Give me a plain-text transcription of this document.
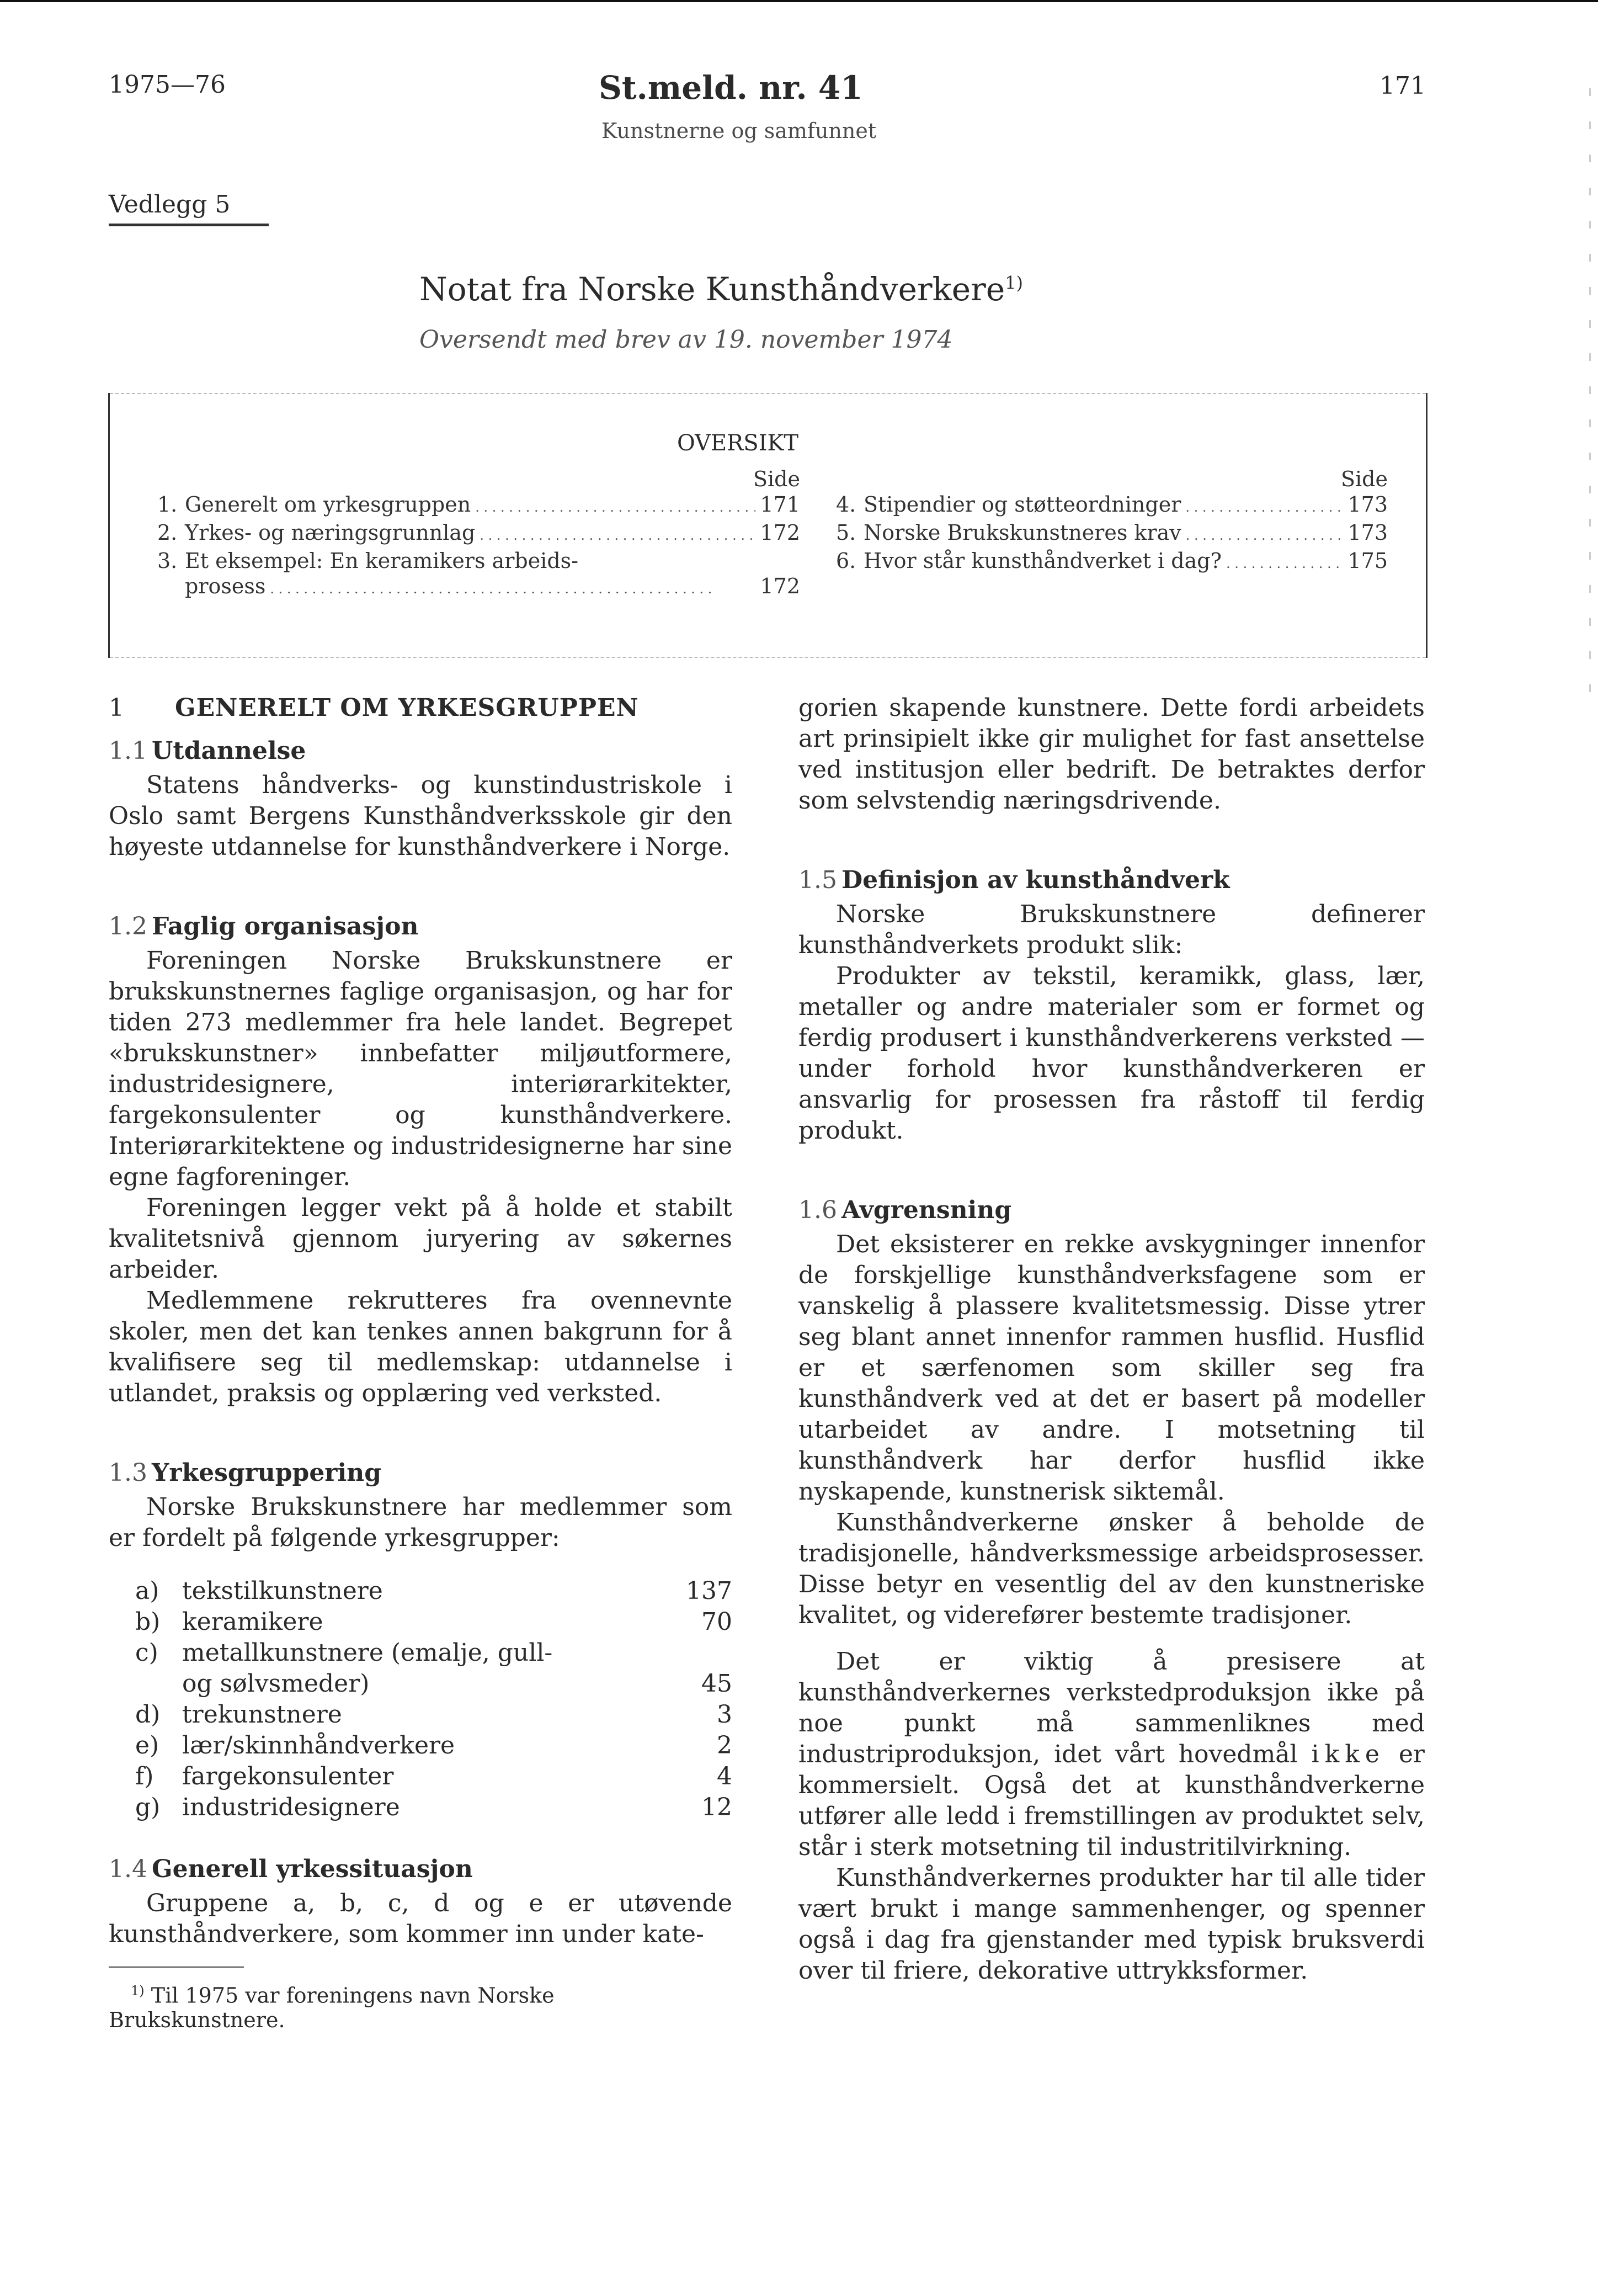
1975—76	St.meld. nr. 41
Kunstnerne og samfunnet
171
Vedlegg 5
Notat fra Norske Kunsthåndverkere$^{1)}$
Oversendt med brev av 19. november 1974
OVERSIKT
Side
1. Generelt om yrkesgruppen . . .	171
2. Yrkes- og næringsgrunnlag . . .	172
3. Et eksempel: En keramikers arbeids-
prosess . . .	172
Side
4. Stipendier og støtteordninger . . .	173
5. Norske Brukskunstneres krav . . .	173
6. Hvor står kunsthåndverket i dag? . . .	175
1	GENERELT OM YRKESGRUPPEN
1.1 Utdannelse

Statens håndverks- og kunstindustriskole i Oslo samt Bergens Kunsthåndverksskole gir den høyeste utdannelse for kunsthåndverkere i Norge.

1.2 Faglig organisasjon

Foreningen Norske Brukskunstnere er brukskunstnernes faglige organisasjon, og har for tiden 273 medlemmer fra hele landet. Begrepet «brukskunstner» innbefatter miljøutformere, industridesignere, interiørarkitekter, fargekonsulenter og kunsthåndverkere. Interiørarkitektene og industridesignerne har sine egne fagforeninger.

Foreningen legger vekt på å holde et stabilt kvalitetsnivå gjennom juryering av søkernes arbeider.

Medlemmene rekrutteres fra ovennevnte skoler, men det kan tenkes annen bakgrunn for å kvalifisere seg til medlemskap: utdannelse i utlandet, praksis og opplæring ved verksted.

1.3 Yrkesgruppering

Norske Brukskunstnere har medlemmer som er fordelt på følgende yrkesgrupper:

a) tekstilkunstnere	137
b) keramikere	70
c) metallkunstnere (emalje, gull-
og sølvsmeder)	45
d) trekunstnere	3
e) lær/skinnhåndverkere	2
f)	fargekonsulenter	4
g) industridesignere	12
1.4 Generell yrkessituasjon

Gruppene a, b, c, d og e er utøvende kunsthåndverkere, som kommer inn under kate-

$^{1)}$ Til 1975 var foreningens navn Norske Brukskunstnere.

gorien skapende kunstnere. Dette fordi arbeidets art prinsipielt ikke gir mulighet for fast ansettelse ved institusjon eller bedrift. De betraktes derfor som selvstendig næringsdrivende.

1.5 Definisjon av kunsthåndverk

Norske Brukskunstnere definerer kunsthåndverkets produkt slik:

Produkter av tekstil, keramikk, glass, lær, metaller og andre materialer som er formet og ferdig produsert i kunsthåndverkerens verksted — under forhold hvor kunsthåndverkeren er ansvarlig for prosessen fra råstoff til ferdig produkt.

1.6 Avgrensning

Det eksisterer en rekke avskygninger innenfor de forskjellige kunsthåndverksfagene som er vanskelig å plassere kvalitetsmessig. Disse ytrer seg blant annet innenfor rammen husflid. Husflid er et særfenomen som skiller seg fra kunsthåndverk ved at det er basert på modeller utarbeidet av andre. I motsetning til kunsthåndverk har derfor husflid ikke nyskapende, kunstnerisk siktemål.

Kunsthåndverkerne ønsker å beholde de tradisjonelle, håndverksmessige arbeidsprosesser. Disse betyr en vesentlig del av den kunstneriske kvalitet, og viderefører bestemte tradisjoner.

Det er viktig å presisere at kunsthåndverkernes verkstedproduksjon ikke på noe punkt må sammenliknes med industriproduksjon, idet vårt hovedmål ikke er kommersielt. Også det at kunsthåndverkerne utfører alle ledd i fremstillingen av produktet selv, står i sterk motsetning til industritilvirkning.

Kunsthåndverkernes produkter har til alle tider vært brukt i mange sammenhenger, og spenner også i dag fra gjenstander med typisk bruksverdi over til friere, dekorative uttrykksformer.
